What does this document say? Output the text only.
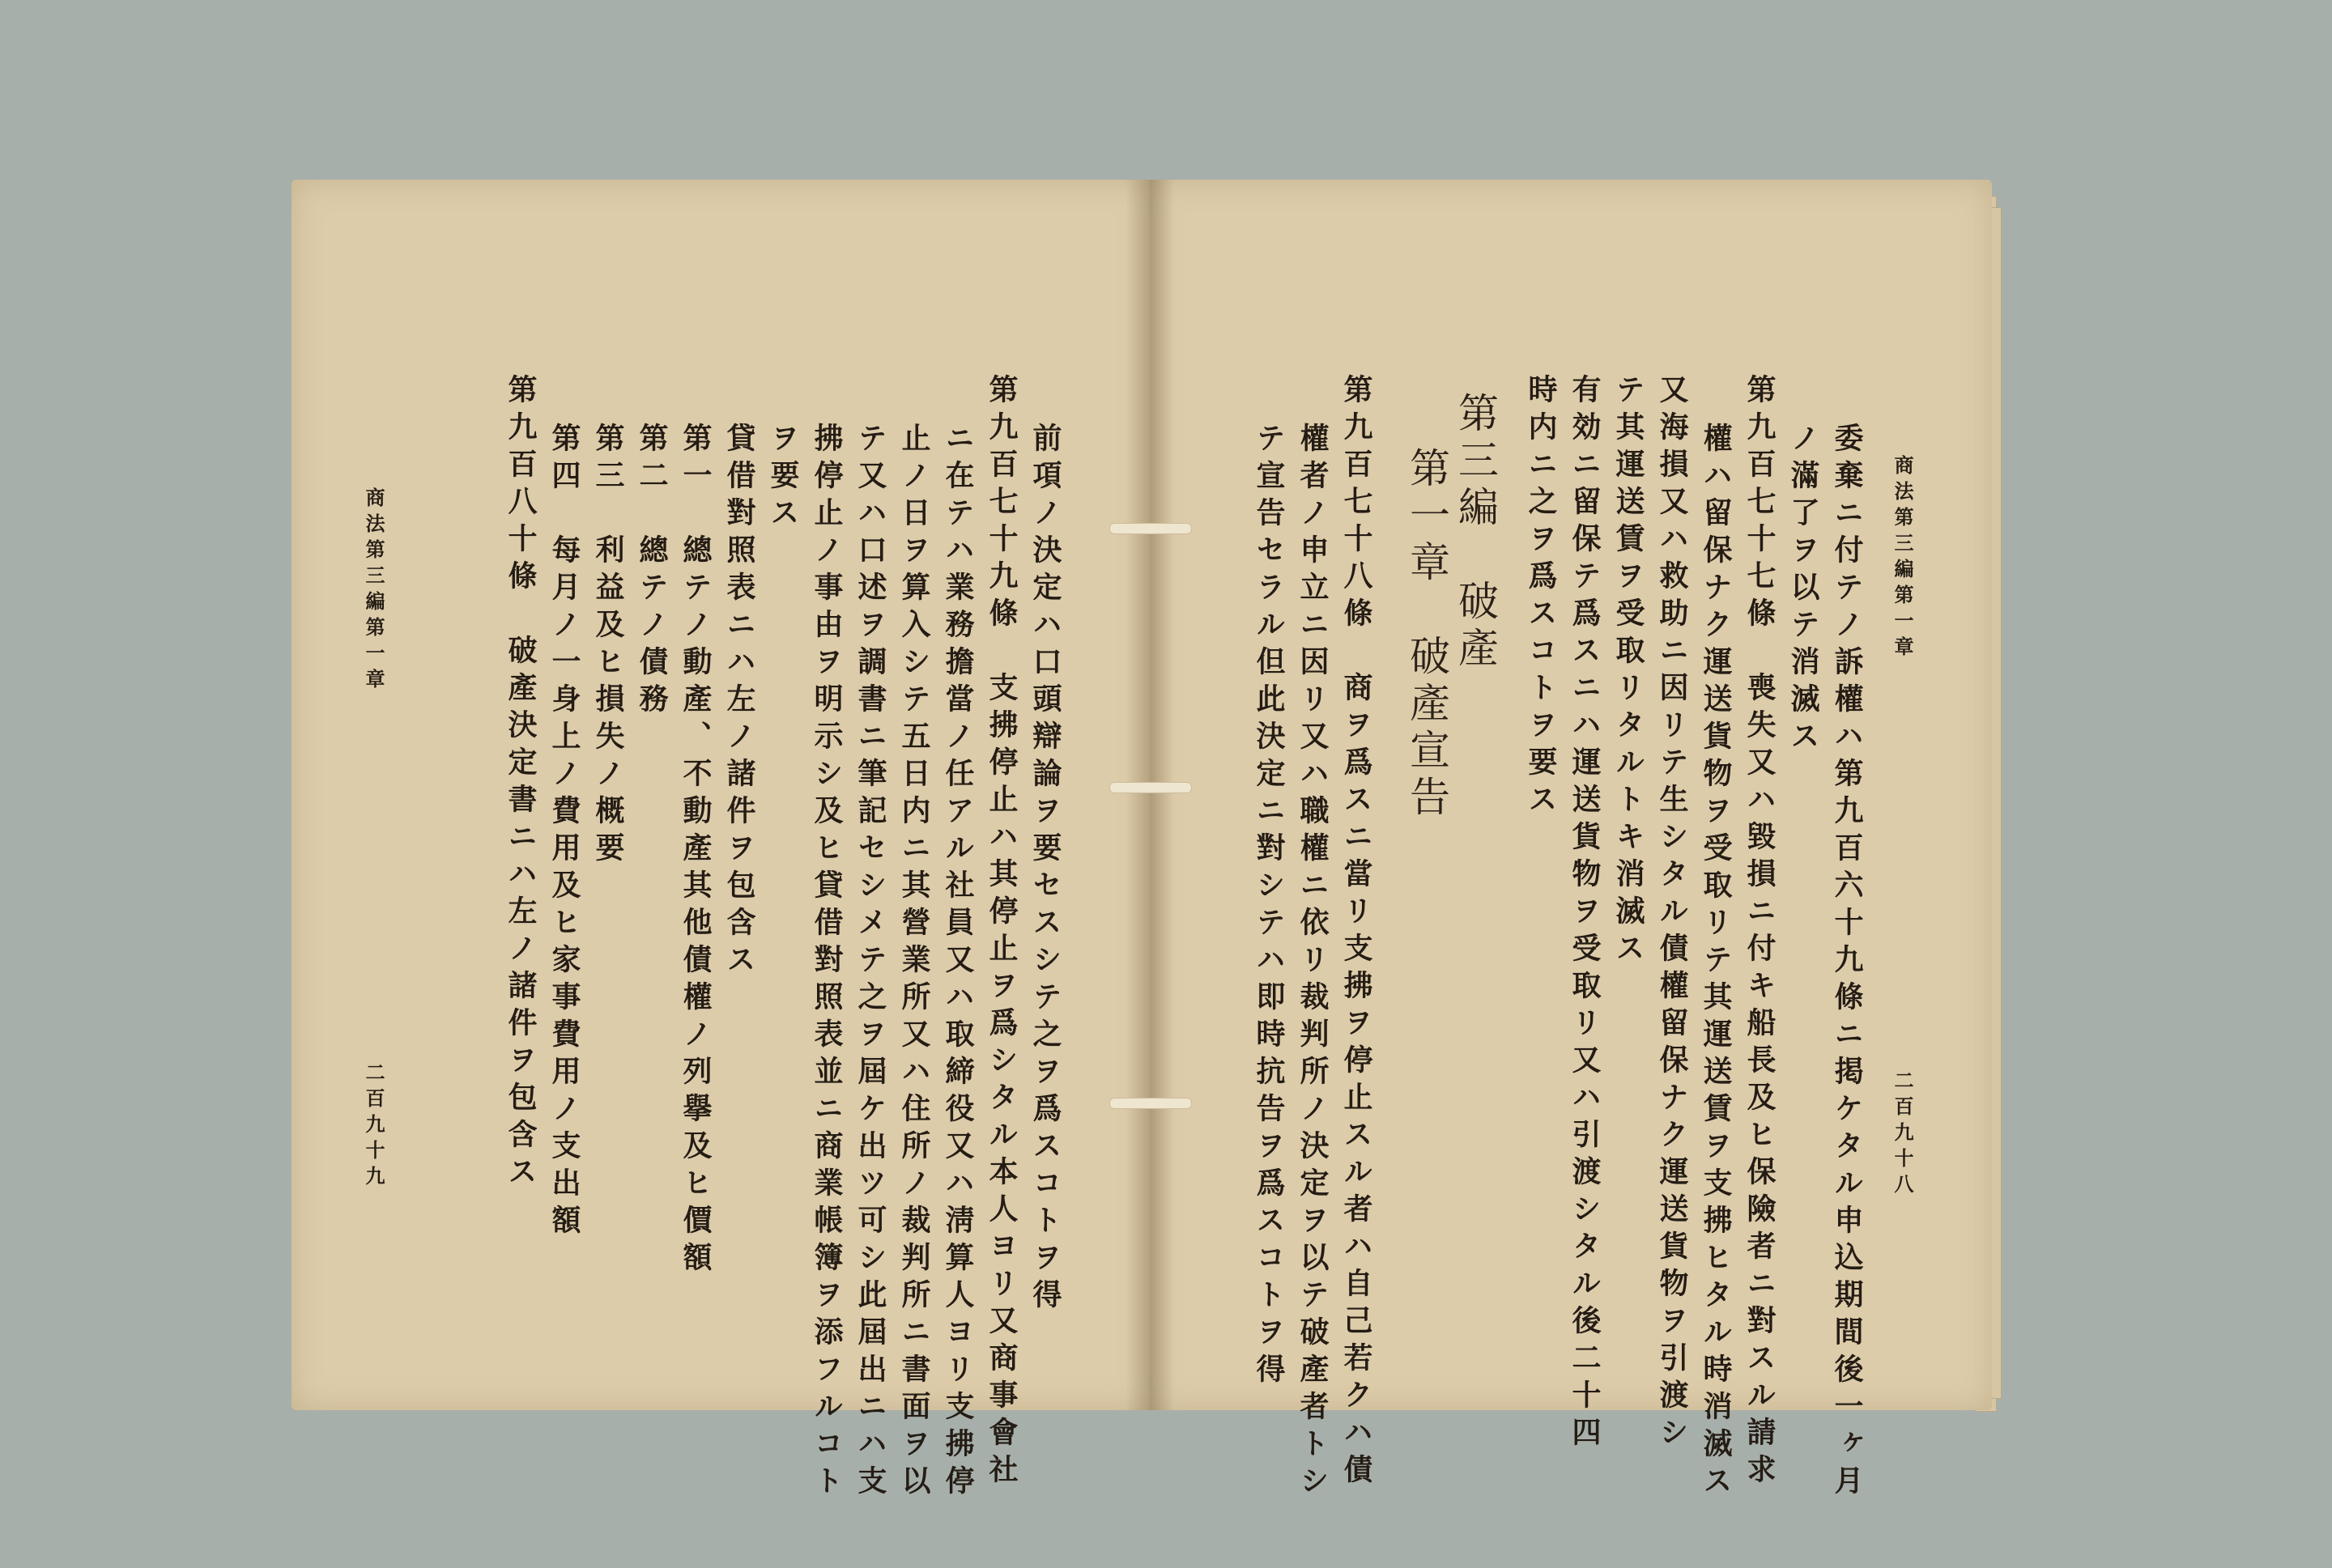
商法第三編第一章
二百九十八
委棄ニ付テノ訴權ハ第九百六十九條ニ掲ケタル申込期間後一ヶ月
ノ滿了ヲ以テ消滅ス
第九百七十七條　喪失又ハ毀損ニ付キ船長及ヒ保險者ニ對スル請求
權ハ留保ナク運送貨物ヲ受取リテ其運送賃ヲ支拂ヒタル時消滅ス
又海損又ハ救助ニ因リテ生シタル債權留保ナク運送貨物ヲ引渡シ
テ其運送賃ヲ受取リタルトキ消滅ス
有効ニ留保テ爲スニハ運送貨物ヲ受取リ又ハ引渡シタル後二十四
時内ニ之ヲ爲スコトヲ要ス
第三編　破產
第一章　破產宣告
第九百七十八條　商ヲ爲スニ當リ支拂ヲ停止スル者ハ自己若クハ債
權者ノ申立ニ因リ又ハ職權ニ依リ裁判所ノ決定ヲ以テ破產者トシ
テ宣告セラル但此決定ニ對シテハ即時抗告ヲ爲スコトヲ得
前項ノ決定ハ口頭辯論ヲ要セスシテ之ヲ爲スコトヲ得
第九百七十九條　支拂停止ハ其停止ヲ爲シタル本人ヨリ又商事會社
ニ在テハ業務擔當ノ任アル社員又ハ取締役又ハ淸算人ヨリ支拂停
止ノ日ヲ算入シテ五日内ニ其營業所又ハ住所ノ裁判所ニ書面ヲ以
テ又ハ口述ヲ調書ニ筆記セシメテ之ヲ屆ケ出ツ可シ此屆出ニハ支
拂停止ノ事由ヲ明示シ及ヒ貸借對照表並ニ商業帳簿ヲ添フルコト
ヲ要ス
貸借對照表ニハ左ノ諸件ヲ包含ス
第一　總テノ動產、不動產其他債權ノ列擧及ヒ價額
第二　總テノ債務
第三　利益及ヒ損失ノ概要
第四　每月ノ一身上ノ費用及ヒ家事費用ノ支出額
第九百八十條　破產決定書ニハ左ノ諸件ヲ包含ス
商法第三編第一章
二百九十九
